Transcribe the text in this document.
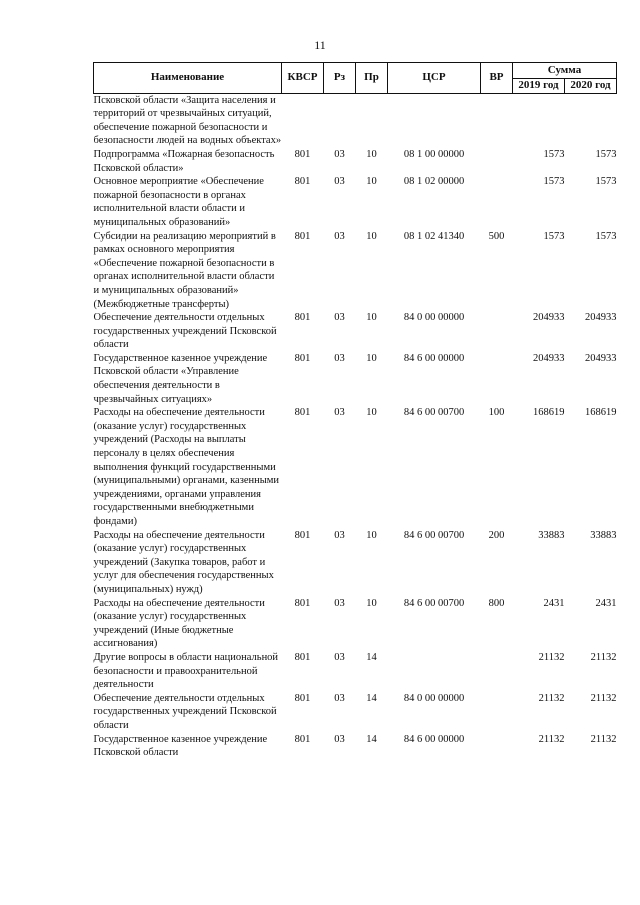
11
Наименование	КВСР	Рз	Пр	ЦСР	ВР	Сумма	
						2019 год	2020 год
Псковской области «Защита населения и территорий от чрезвычайных ситуаций, обеспечение пожарной безопасности и безопасности людей на водных объектах»							
Подпрограмма «Пожарная безопасность Псковской области»	801	03	10	08 1 00 00000		1573	1573
Основное мероприятие «Обеспечение пожарной безопасности в органах исполнительной власти области и муниципальных образований»	801	03	10	08 1 02 00000		1573	1573
Субсидии на реализацию мероприятий в рамках основного мероприятия «Обеспечение пожарной безопасности в органах исполнительной власти области и муниципальных образований» (Межбюджетные трансферты)	801	03	10	08 1 02 41340	500	1573	1573
Обеспечение деятельности отдельных государственных учреждений Псковской области	801	03	10	84 0 00 00000		204933	204933
Государственное казенное учреждение Псковской области «Управление обеспечения деятельности в чрезвычайных ситуациях»	801	03	10	84 6 00 00000		204933	204933
Расходы на обеспечение деятельности (оказание услуг) государственных учреждений (Расходы на выплаты персоналу в целях обеспечения выполнения функций государственными (муниципальными) органами, казенными учреждениями, органами управления государственными внебюджетными фондами)	801	03	10	84 6 00 00700	100	168619	168619
Расходы на обеспечение деятельности (оказание услуг) государственных учреждений (Закупка товаров, работ и услуг для обеспечения государственных (муниципальных) нужд)	801	03	10	84 6 00 00700	200	33883	33883
Расходы на обеспечение деятельности (оказание услуг) государственных учреждений (Иные бюджетные ассигнования)	801	03	10	84 6 00 00700	800	2431	2431
Другие вопросы в области национальной безопасности и правоохранительной деятельности	801	03	14			21132	21132
Обеспечение деятельности отдельных государственных учреждений Псковской области	801	03	14	84 0 00 00000		21132	21132
Государственное казенное учреждение Псковской области	801	03	14	84 6 00 00000		21132	21132
